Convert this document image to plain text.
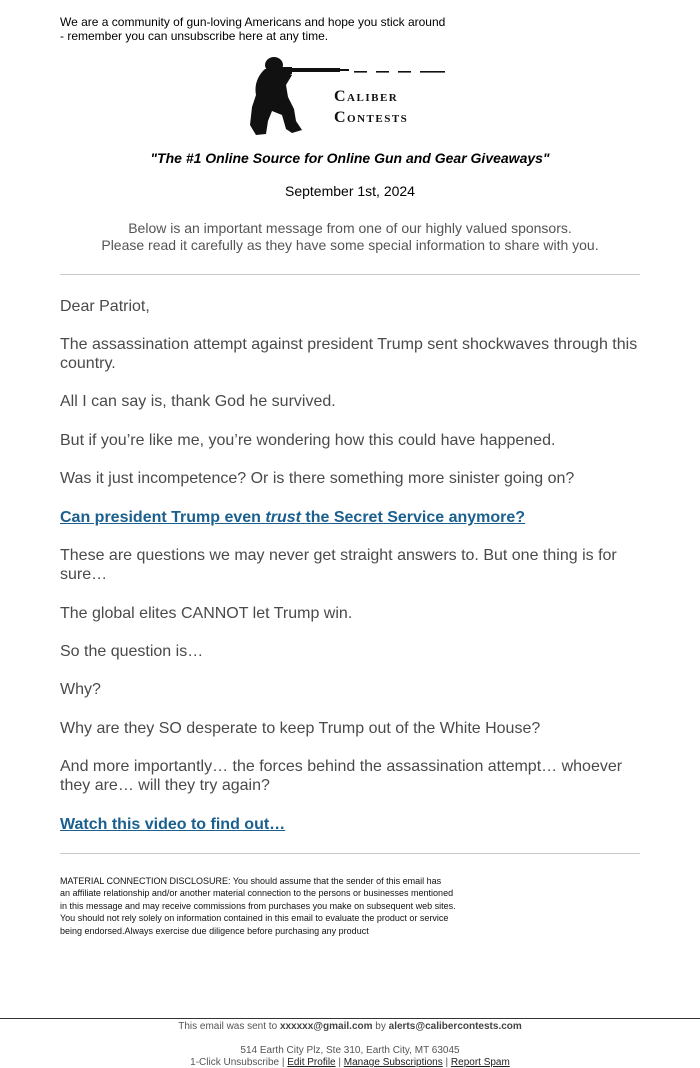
We are a community of gun-loving Americans and hope you stick around
- remember you can unsubscribe here at any time.
Caliber
Contests
"The #1 Online Source for Online Gun and Gear Giveaways"
September 1st, 2024
Below is an important message from one of our highly valued sponsors.
Please read it carefully as they have some special information to share with you.

Dear Patriot,

The assassination attempt against president Trump sent shockwaves through this country.

All I can say is, thank God he survived.

But if you’re like me, you’re wondering how this could have happened.

Was it just incompetence? Or is there something more sinister going on?

Can president Trump even trust the Secret Service anymore?

These are questions we may never get straight answers to. But one thing is for sure…

The global elites CANNOT let Trump win.

So the question is…

Why?

Why are they SO desperate to keep Trump out of the White House?

And more importantly… the forces behind the assassination attempt… whoever they are… will they try again?

Watch this video to find out…
MATERIAL CONNECTION DISCLOSURE: You should assume that the sender of this email has
an affiliate relationship and/or another material connection to the persons or businesses mentioned
in this message and may receive commissions from purchases you make on subsequent web sites.
You should not rely solely on information contained in this email to evaluate the product or service
being endorsed.Always exercise due diligence before purchasing any product
This email was sent to xxxxxx@gmail.com by alerts@calibercontests.com
514 Earth City Plz, Ste 310, Earth City, MT 63045
1-Click Unsubscribe | Edit Profile | Manage Subscriptions | Report Spam
